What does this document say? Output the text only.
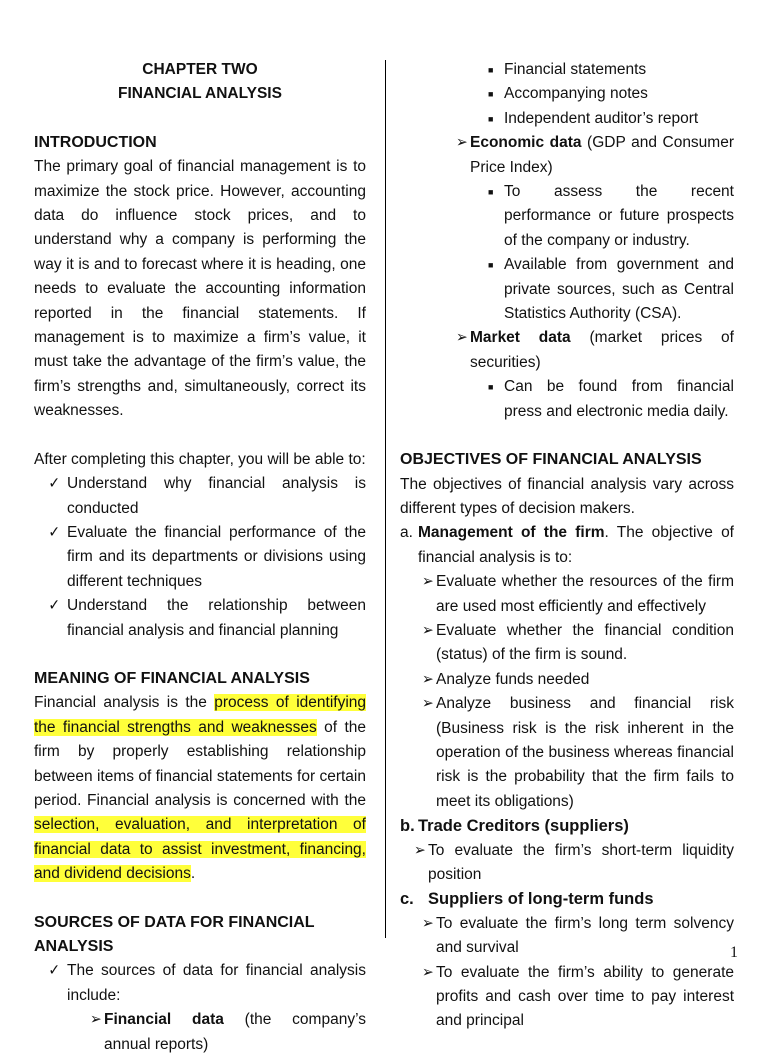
CHAPTER TWO
FINANCIAL ANALYSIS
INTRODUCTION
The primary goal of financial management is to maximize the stock price. However, accounting data do influence stock prices, and to understand why a company is performing the way it is and to forecast where it is heading, one needs to evaluate the accounting information reported in the financial statements. If management is to maximize a firm’s value, it must take the advantage of the firm’s value, the firm’s strengths and, simultaneously, correct its weaknesses.
After completing this chapter, you will be able to:
✓ Understand why financial analysis is conducted
✓ Evaluate the financial performance of the firm and its departments or divisions using different techniques
✓ Understand the relationship between financial analysis and financial planning
MEANING OF FINANCIAL ANALYSIS
Financial analysis is the process of identifying the financial strengths and weaknesses of the firm by properly establishing relationship between items of financial statements for certain period. Financial analysis is concerned with the selection, evaluation, and interpretation of financial data to assist investment, financing, and dividend decisions.
SOURCES OF DATA FOR FINANCIAL ANALYSIS
✓ The sources of data for financial analysis include:
➢ Financial data (the company’s annual reports)
■ Financial statements
■ Accompanying notes
■ Independent auditor’s report
➢ Economic data (GDP and Consumer Price Index)
■ To assess the recent performance or future prospects of the company or industry.
■ Available from government and private sources, such as Central Statistics Authority (CSA).
➢ Market data (market prices of securities)
■ Can be found from financial press and electronic media daily.
OBJECTIVES OF FINANCIAL ANALYSIS
The objectives of financial analysis vary across different types of decision makers.
a. Management of the firm. The objective of financial analysis is to:
➢ Evaluate whether the resources of the firm are used most efficiently and effectively
➢ Evaluate whether the financial condition (status) of the firm is sound.
➢ Analyze funds needed
➢ Analyze business and financial risk (Business risk is the risk inherent in the operation of the business whereas financial risk is the probability that the firm fails to meet its obligations)
b. Trade Creditors (suppliers)
➢ To evaluate the firm’s short-term liquidity position
c. Suppliers of long-term funds
➢ To evaluate the firm’s long term solvency and survival
➢ To evaluate the firm’s ability to generate profits and cash over time to pay interest and principal
1
